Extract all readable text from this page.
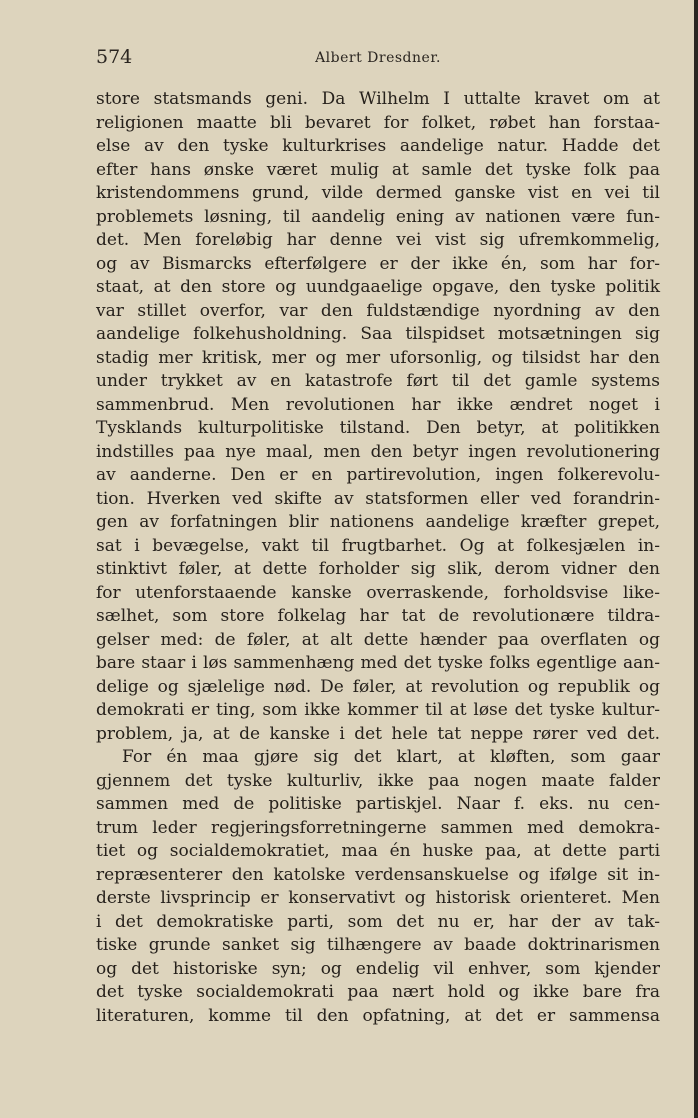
574	Albert Dresdner.
store statsmands geni. Da Wilhelm I uttalte kravet om at
religionen maatte bli bevaret for folket, røbet han forstaa-
else av den tyske kulturkrises aandelige natur. Hadde det
efter hans ønske været mulig at samle det tyske folk paa
kristendommens grund, vilde dermed ganske vist en vei til
problemets løsning, til aandelig ening av nationen være fun-
det. Men foreløbig har denne vei vist sig ufremkommelig,
og av Bismarcks efterfølgere er der ikke én, som har for-
staat, at den store og uundgaaelige opgave, den tyske politik
var stillet overfor, var den fuldstændige nyordning av den
aandelige folkehusholdning. Saa tilspidset motsætningen sig
stadig mer kritisk, mer og mer uforsonlig, og tilsidst har den
under trykket av en katastrofe ført til det gamle systems
sammenbrud. Men revolutionen har ikke ændret noget i
Tysklands kulturpolitiske tilstand. Den betyr, at politikken
indstilles paa nye maal, men den betyr ingen revolutionering
av aanderne. Den er en partirevolution, ingen folkerevolu-
tion. Hverken ved skifte av statsformen eller ved forandrin-
gen av forfatningen blir nationens aandelige kræfter grepet,
sat i bevægelse, vakt til frugtbarhet. Og at folkesjælen in-
stinktivt føler, at dette forholder sig slik, derom vidner den
for utenforstaaende kanske overraskende, forholdsvise like-
sælhet, som store folkelag har tat de revolutionære tildra-
gelser med: de føler, at alt dette hænder paa overflaten og
bare staar i løs sammenhæng med det tyske folks egentlige aan-
delige og sjælelige nød. De føler, at revolution og republik og
demokrati er ting, som ikke kommer til at løse det tyske kultur-
problem, ja, at de kanske i det hele tat neppe rører ved det.
For én maa gjøre sig det klart, at kløften, som gaar
gjennem det tyske kulturliv, ikke paa nogen maate falder
sammen med de politiske partiskjel. Naar f. eks. nu cen-
trum leder regjeringsforretningerne sammen med demokra-
tiet og socialdemokratiet, maa én huske paa, at dette parti
repræsenterer den katolske verdensanskuelse og ifølge sit in-
derste livsprincip er konservativt og historisk orienteret. Men
i det demokratiske parti, som det nu er, har der av tak-
tiske grunde sanket sig tilhængere av baade doktrinarismen
og det historiske syn; og endelig vil enhver, som kjender
det tyske socialdemokrati paa nært hold og ikke bare fra
literaturen, komme til den opfatning, at det er sammensa
